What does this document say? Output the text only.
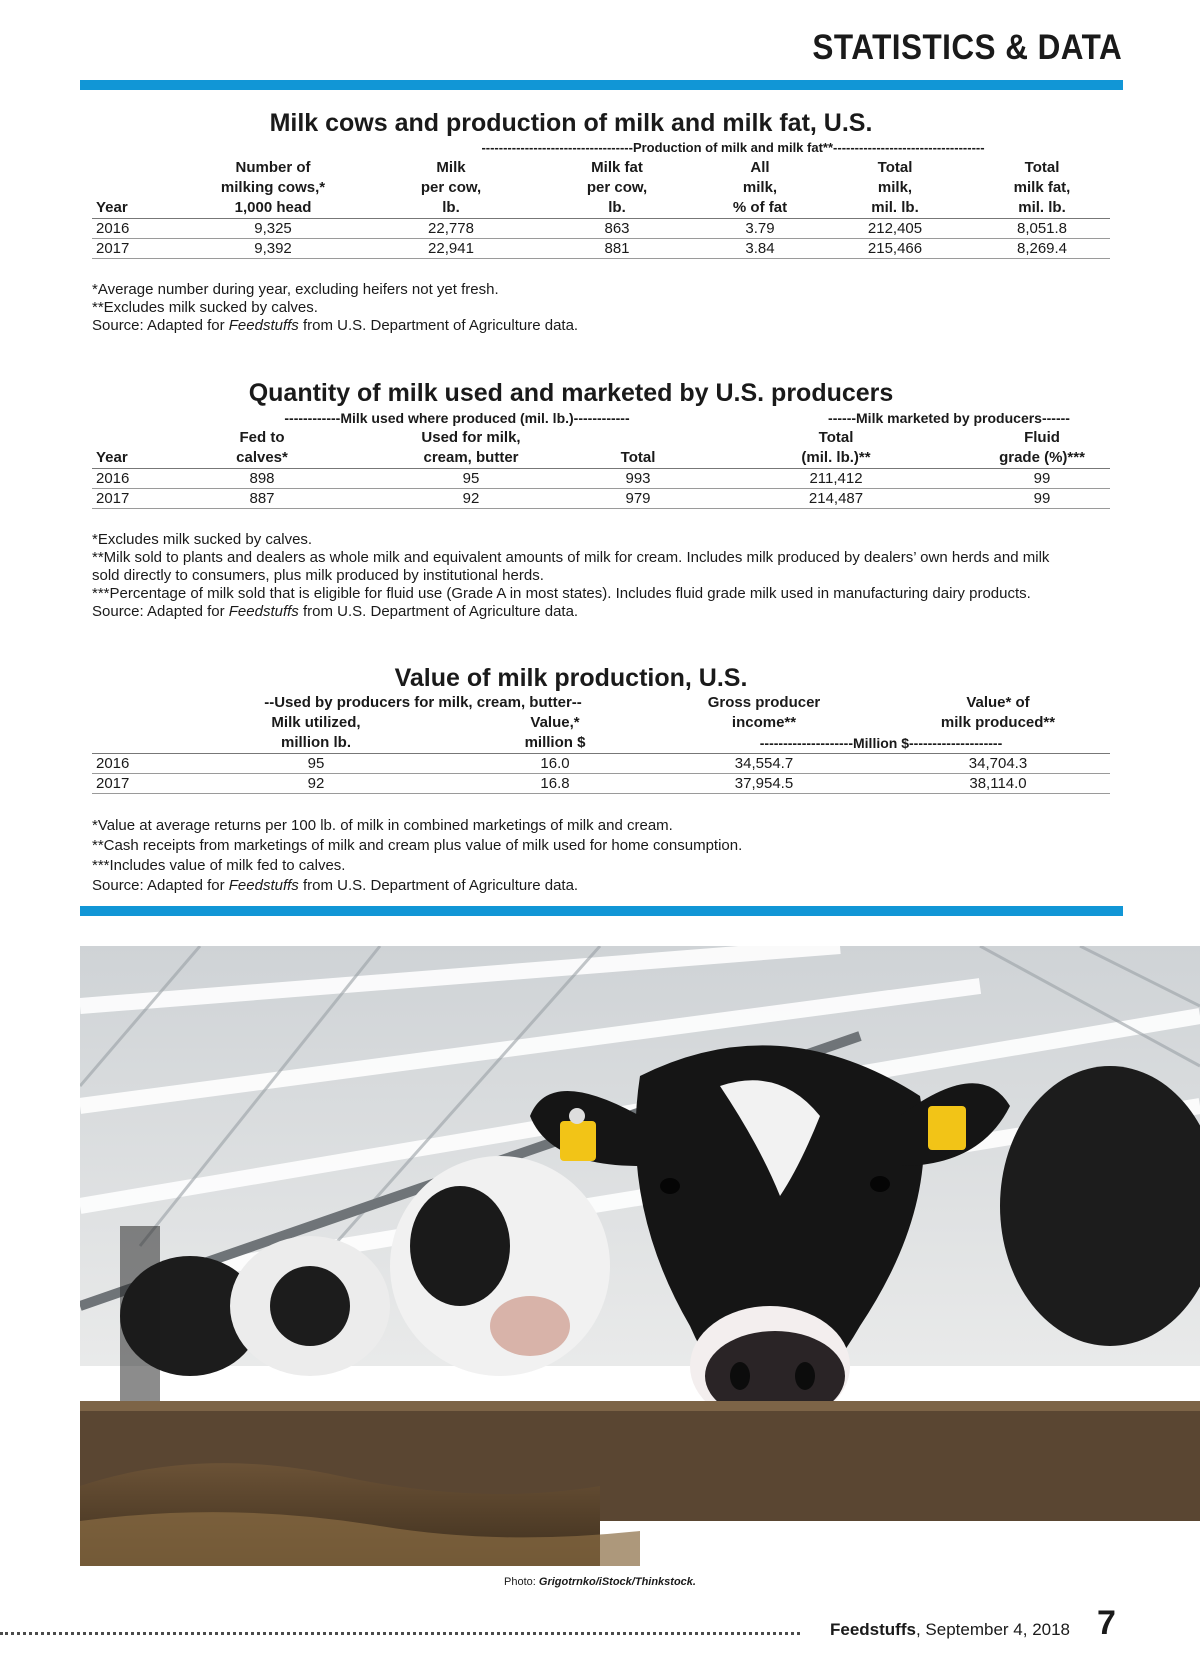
STATISTICS & DATA
Milk cows and production of milk and milk fat, U.S.
-----------------------------------Production of milk and milk fat**-----------------------------------
Number of	Milk	Milk fat	All	Total	Total
milking cows,*	per cow,	per cow,	milk,	milk,	milk fat,
Year	1,000 head	lb.	lb.	% of fat	mil. lb.	mil. lb.
2016	9,325	22,778	863	3.79	212,405	8,051.8
2017	9,392	22,941	881	3.84	215,466	8,269.4
*Average number during year, excluding heifers not yet fresh.
**Excludes milk sucked by calves.
Source: Adapted for Feedstuffs from U.S. Department of Agriculture data.
Quantity of milk used and marketed by U.S. producers
------------Milk used where produced (mil. lb.)------------	------Milk marketed by producers------
Fed to	Used for milk,	Total	Fluid
Year	calves*	cream, butter	Total	(mil. lb.)**	grade (%)***
2016	898	95	993	211,412	99
2017	887	92	979	214,487	99
*Excludes milk sucked by calves.
**Milk sold to plants and dealers as whole milk and equivalent amounts of milk for cream. Includes milk produced by dealers’ own herds and milk
sold directly to consumers, plus milk produced by institutional herds.
***Percentage of milk sold that is eligible for fluid use (Grade A in most states). Includes fluid grade milk used in manufacturing dairy products.
Source: Adapted for Feedstuffs from U.S. Department of Agriculture data.
Value of milk production, U.S.
--Used by producers for milk, cream, butter--	Gross producer	Value* of
Milk utilized,	Value,*	income**	milk produced**
million lb.	million $	--------------------Million $--------------------
2016	95	16.0	34,554.7	34,704.3
2017	92	16.8	37,954.5	38,114.0
*Value at average returns per 100 lb. of milk in combined marketings of milk and cream.
**Cash receipts from marketings of milk and cream plus value of milk used for home consumption.
***Includes value of milk fed to calves.
Source: Adapted for Feedstuffs from U.S. Department of Agriculture data.
Photo: Grigotrnko/iStock/Thinkstock.
Feedstuffs, September 4, 2018 7
